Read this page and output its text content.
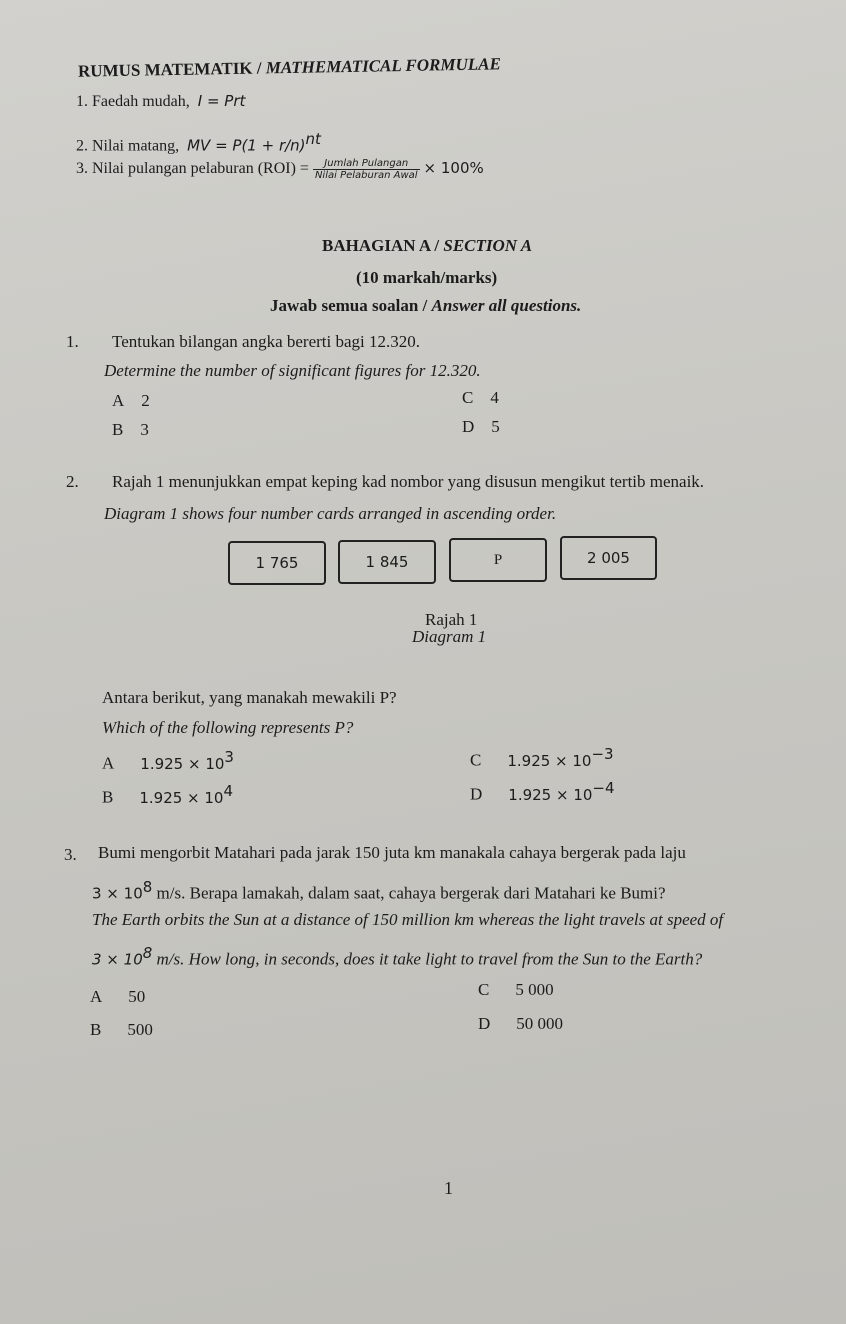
RUMUS MATEMATIK / MATHEMATICAL FORMULAE
1. Faedah mudah, I = Prt
2. Nilai matang, MV = $P(1 + r/n)^{nt}$
3. Nilai pulangan pelaburan $(ROI) = \frac{\text{Jumlah Pulangan}}{\text{Nilai Pelaburan Awal}} \times 100\%$
BAHAGIAN A / SECTION A
(10 markah/marks)
Jawab semua soalan / Answer all questions.
1. Tentukan bilangan angka bererti bagi 12.320.
Determine the number of significant figures for 12.320.
A 2
B 3
C 4
D 5
2. Rajah 1 menunjukkan empat keping kad nombor yang disusun mengikut tertib menaik.
Diagram 1 shows four number cards arranged in ascending order.
1 765	1 845	P	2 005
Rajah 1
Diagram 1
Antara berikut, yang manakah mewakili P?
Which of the following represents P?
A $1.925 \times 10^3$
B $1.925 \times 10^4$
C $1.925 \times 10^{-3}$
D $1.925 \times 10^{-4}$
3. Bumi mengorbit Matahari pada jarak 150 juta km manakala cahaya bergerak pada laju
$3 \times 10^8$ m/s. Berapa lamakah, dalam saat, cahaya bergerak dari Matahari ke Bumi?
The Earth orbits the Sun at a distance of 150 million km whereas the light travels at speed of
$3 \times 10^8$ m/s. How long, in seconds, does it take light to travel from the Sun to the Earth?
A 50
B 500
C 5 000
D 50 000
1
